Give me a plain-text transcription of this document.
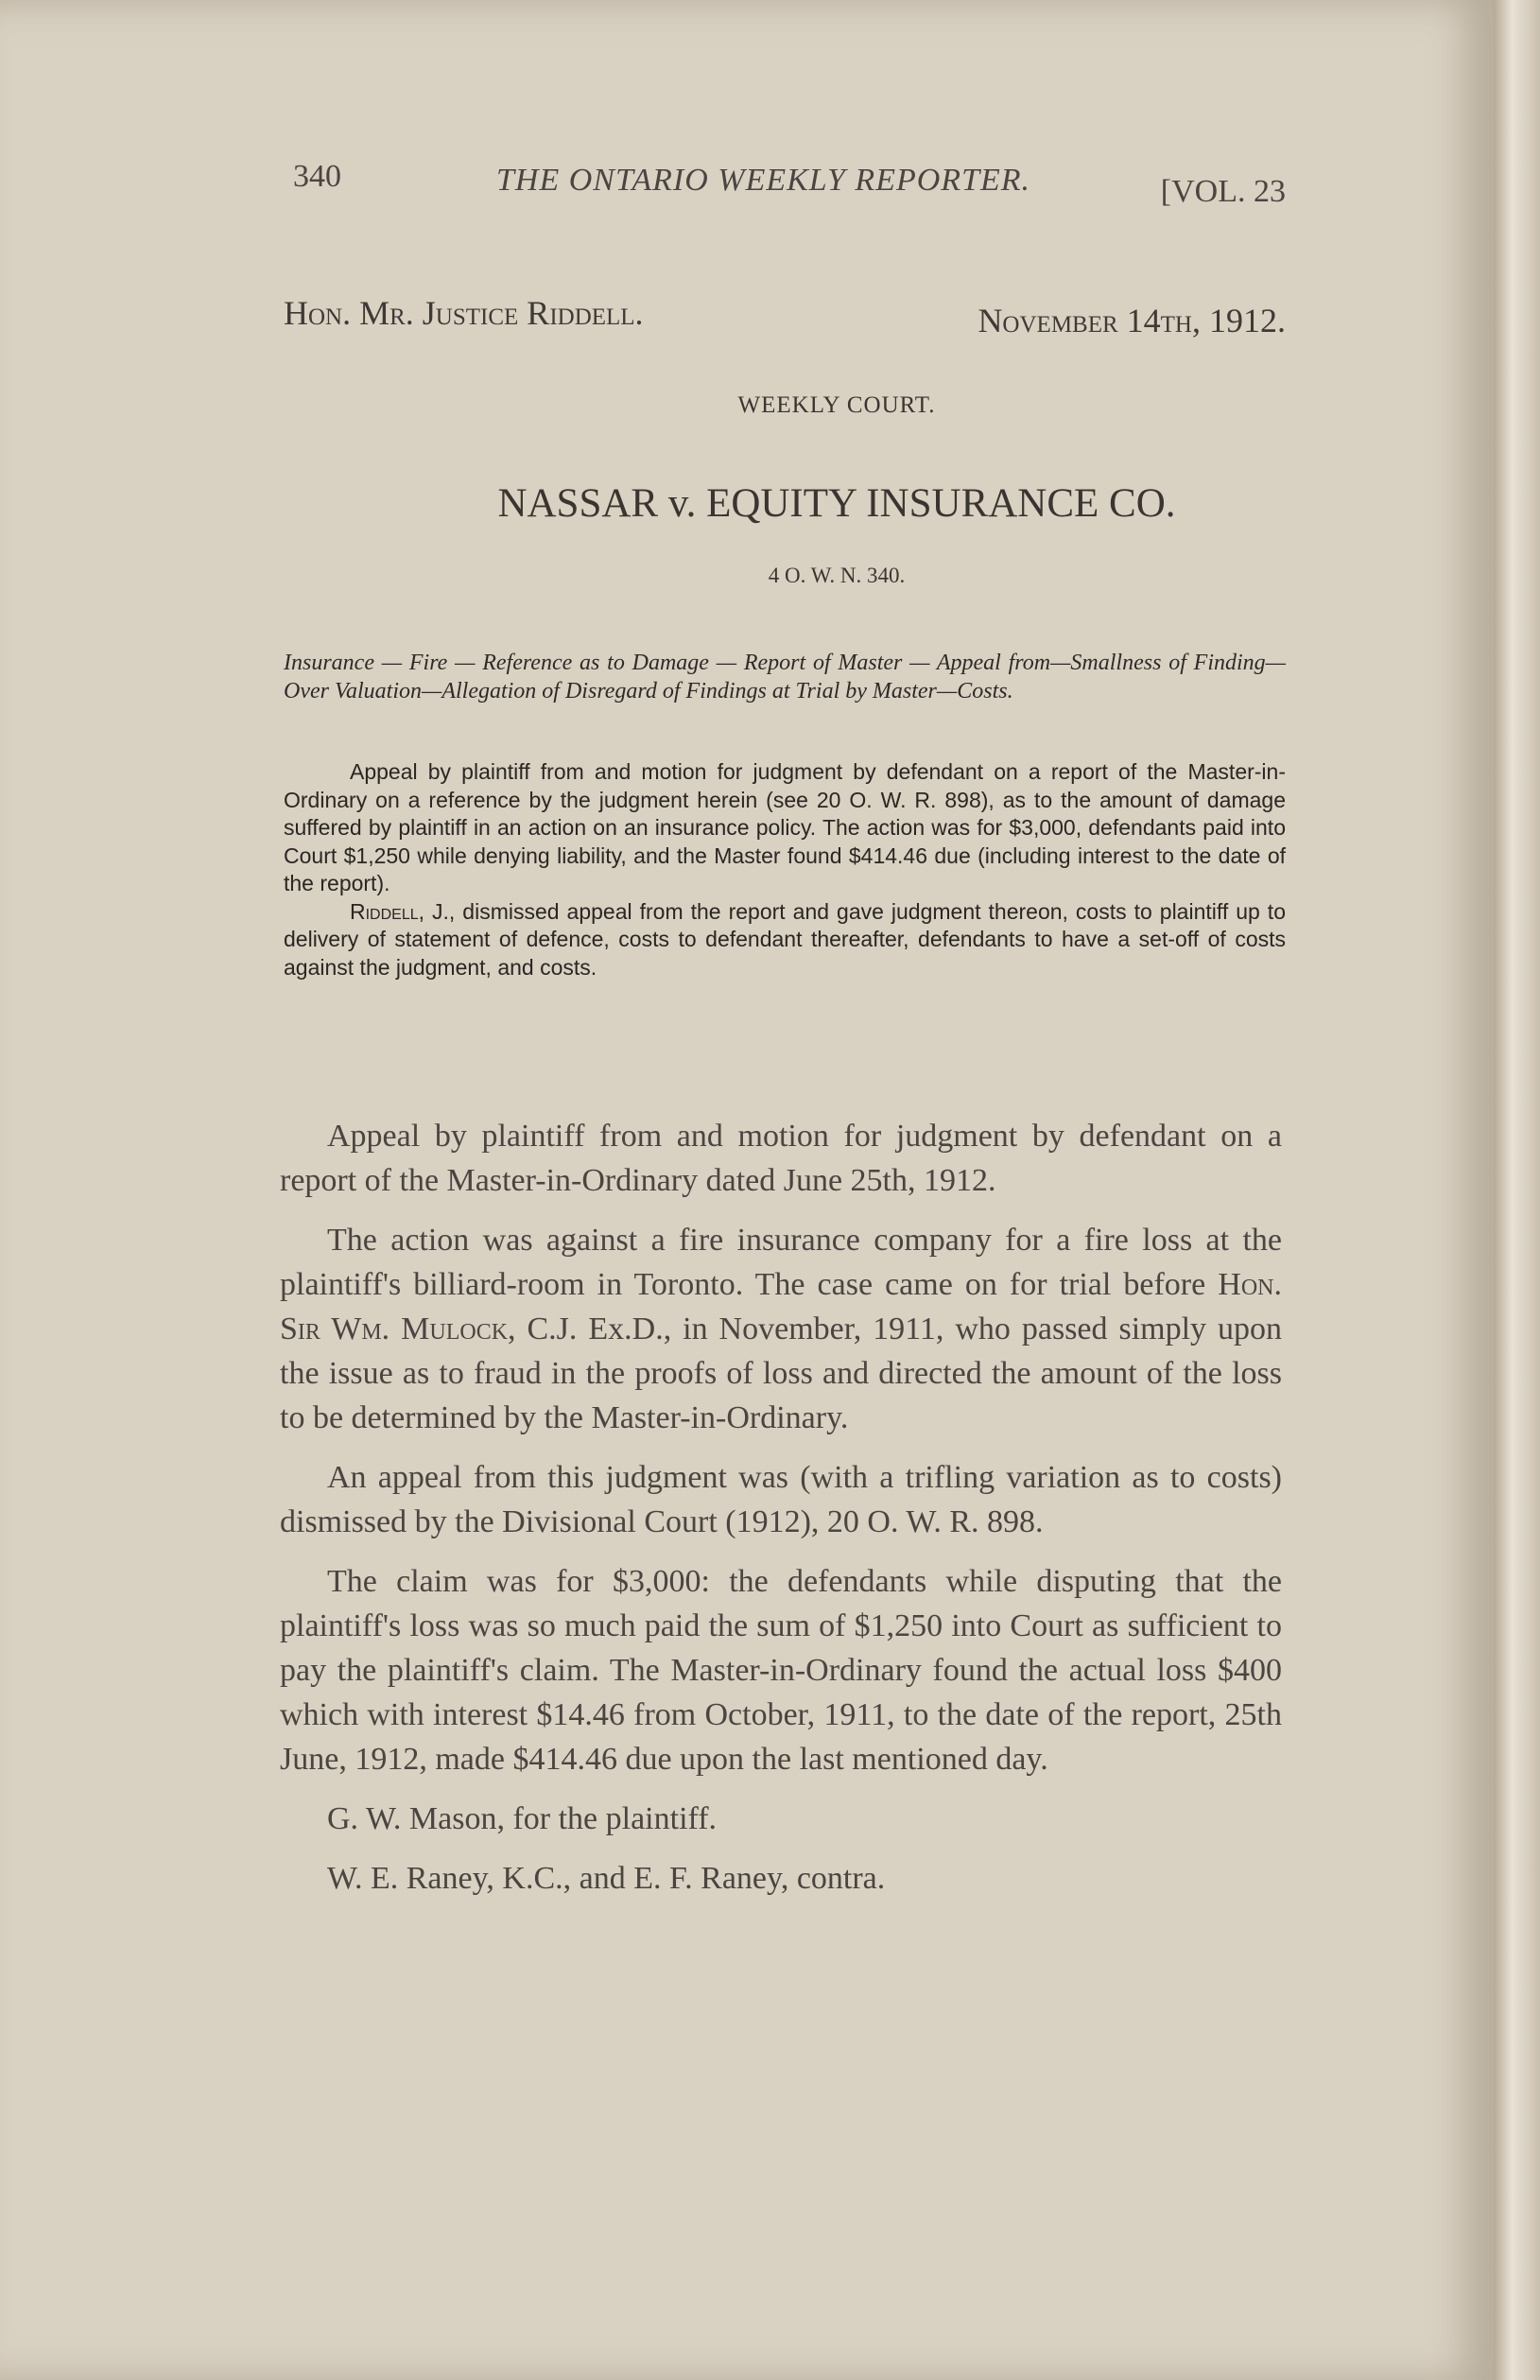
340	THE ONTARIO WEEKLY REPORTER.	[VOL. 23
Hon. Mr. Justice Riddell.	November 14th, 1912.
WEEKLY COURT.
NASSAR v. EQUITY INSURANCE CO.
4 O. W. N. 340.
Insurance — Fire — Reference as to Damage — Report of Master — Appeal from—Smallness of Finding—Over Valuation—Allegation of Disregard of Findings at Trial by Master—Costs.

Appeal by plaintiff from and motion for judgment by defendant on a report of the Master-in-Ordinary on a reference by the judgment herein (see 20 O. W. R. 898), as to the amount of damage suffered by plaintiff in an action on an insurance policy. The action was for $3,000, defendants paid into Court $1,250 while denying liability, and the Master found $414.46 due (including interest to the date of the report).

Riddell, J., dismissed appeal from the report and gave judgment thereon, costs to plaintiff up to delivery of statement of defence, costs to defendant thereafter, defendants to have a set-off of costs against the judgment, and costs.

Appeal by plaintiff from and motion for judgment by defendant on a report of the Master-in-Ordinary dated June 25th, 1912.

The action was against a fire insurance company for a fire loss at the plaintiff's billiard-room in Toronto. The case came on for trial before Hon. Sir Wm. Mulock, C.J. Ex.D., in November, 1911, who passed simply upon the issue as to fraud in the proofs of loss and directed the amount of the loss to be determined by the Master-in-Ordinary.

An appeal from this judgment was (with a trifling variation as to costs) dismissed by the Divisional Court (1912), 20 O. W. R. 898.

The claim was for $3,000: the defendants while disputing that the plaintiff's loss was so much paid the sum of $1,250 into Court as sufficient to pay the plaintiff's claim. The Master-in-Ordinary found the actual loss $400 which with interest $14.46 from October, 1911, to the date of the report, 25th June, 1912, made $414.46 due upon the last mentioned day.

G. W. Mason, for the plaintiff.

W. E. Raney, K.C., and E. F. Raney, contra.
